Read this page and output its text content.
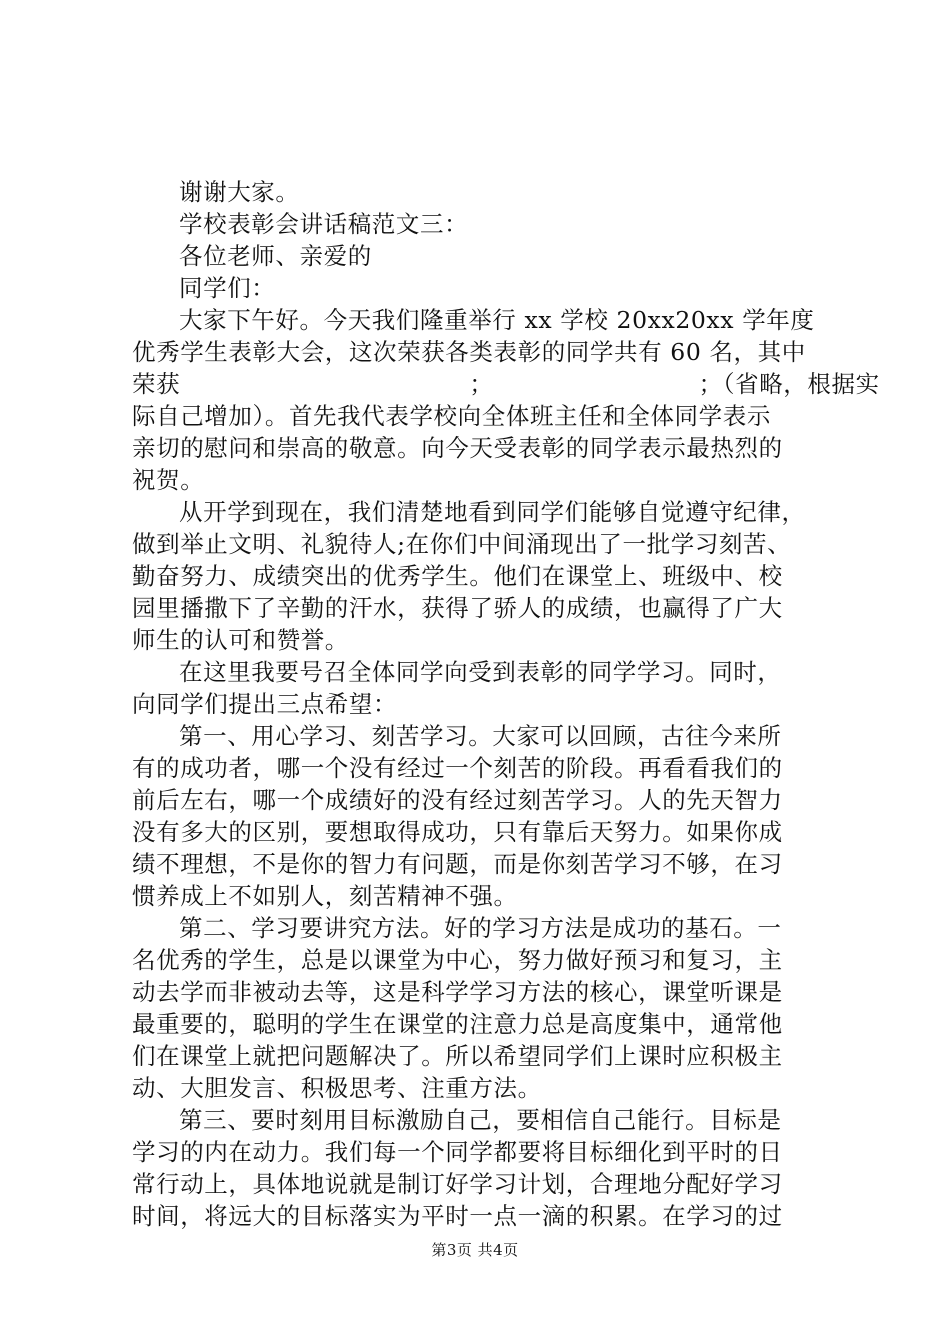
谢谢大家。
学校表彰会讲话稿范文三：
各位老师、亲爱的
同学们：
大家下午好。今天我们隆重举行 xx 学校 20xx20xx 学年度
优秀学生表彰大会，这次荣获各类表彰的同学共有 60 名，其中
荣获　　　　　　　　　　　　；　　　　　　　　　；（省略，根据实
际自己增加）。首先我代表学校向全体班主任和全体同学表示
亲切的慰问和崇高的敬意。向今天受表彰的同学表示最热烈的
祝贺。
从开学到现在，我们清楚地看到同学们能够自觉遵守纪律，
做到举止文明、礼貌待人;在你们中间涌现出了一批学习刻苦、
勤奋努力、成绩突出的优秀学生。他们在课堂上、班级中、校
园里播撒下了辛勤的汗水，获得了骄人的成绩，也赢得了广大
师生的认可和赞誉。
在这里我要号召全体同学向受到表彰的同学学习。同时，
向同学们提出三点希望：
第一、用心学习、刻苦学习。大家可以回顾，古往今来所
有的成功者，哪一个没有经过一个刻苦的阶段。再看看我们的
前后左右，哪一个成绩好的没有经过刻苦学习。人的先天智力
没有多大的区别，要想取得成功，只有靠后天努力。如果你成
绩不理想，不是你的智力有问题，而是你刻苦学习不够，在习
惯养成上不如别人，刻苦精神不强。
第二、学习要讲究方法。好的学习方法是成功的基石。一
名优秀的学生，总是以课堂为中心，努力做好预习和复习，主
动去学而非被动去等，这是科学学习方法的核心，课堂听课是
最重要的，聪明的学生在课堂的注意力总是高度集中，通常他
们在课堂上就把问题解决了。所以希望同学们上课时应积极主
动、大胆发言、积极思考、注重方法。
第三、要时刻用目标激励自己，要相信自己能行。目标是
学习的内在动力。我们每一个同学都要将目标细化到平时的日
常行动上，具体地说就是制订好学习计划，合理地分配好学习
时间，将远大的目标落实为平时一点一滴的积累。在学习的过
第3页 共4页
